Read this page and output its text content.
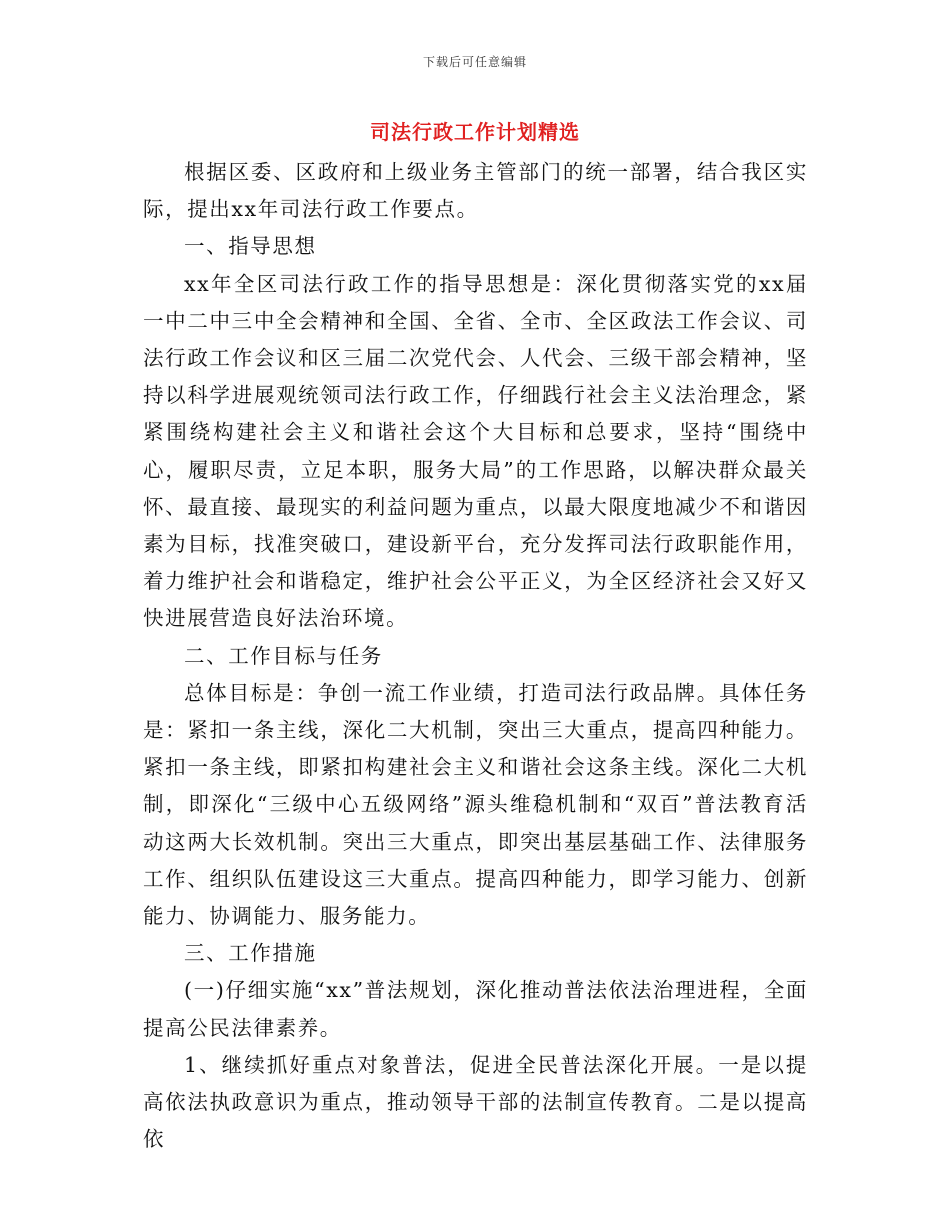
下载后可任意编辑
司法行政工作计划精选

根据区委、区政府和上级业务主管部门的统一部署，结合我区实际，提出xx年司法行政工作要点。

一、指导思想

xx年全区司法行政工作的指导思想是：深化贯彻落实党的xx届一中二中三中全会精神和全国、全省、全市、全区政法工作会议、司法行政工作会议和区三届二次党代会、人代会、三级干部会精神，坚持以科学进展观统领司法行政工作，仔细践行社会主义法治理念，紧紧围绕构建社会主义和谐社会这个大目标和总要求，坚持“围绕中心，履职尽责，立足本职，服务大局”的工作思路，以解决群众最关怀、最直接、最现实的利益问题为重点，以最大限度地减少不和谐因素为目标，找准突破口，建设新平台，充分发挥司法行政职能作用，着力维护社会和谐稳定，维护社会公平正义，为全区经济社会又好又快进展营造良好法治环境。

二、工作目标与任务

总体目标是：争创一流工作业绩，打造司法行政品牌。具体任务是：紧扣一条主线，深化二大机制，突出三大重点，提高四种能力。紧扣一条主线，即紧扣构建社会主义和谐社会这条主线。深化二大机制，即深化“三级中心五级网络”源头维稳机制和“双百”普法教育活动这两大长效机制。突出三大重点，即突出基层基础工作、法律服务工作、组织队伍建设这三大重点。提高四种能力，即学习能力、创新能力、协调能力、服务能力。

三、工作措施

(一)仔细实施“xx”普法规划，深化推动普法依法治理进程，全面提高公民法律素养。

1、继续抓好重点对象普法，促进全民普法深化开展。一是以提高依法执政意识为重点，推动领导干部的法制宣传教育。二是以提高依
